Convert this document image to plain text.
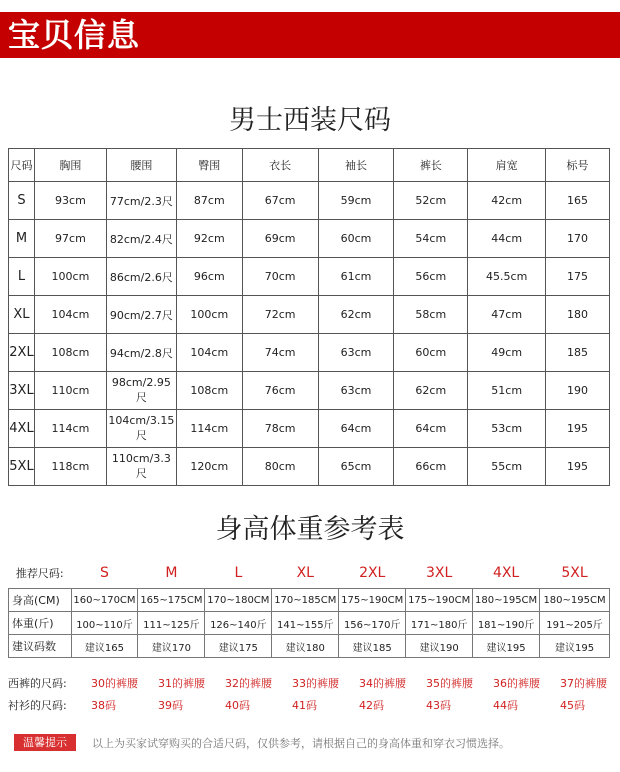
宝贝信息
男士西装尺码
尺码	胸围	腰围	臀围	衣长	袖长	裤长	肩宽	标号
S	93cm	77cm/2.3尺	87cm	67cm	59cm	52cm	42cm	165
M	97cm	82cm/2.4尺	92cm	69cm	60cm	54cm	44cm	170
L	100cm	86cm/2.6尺	96cm	70cm	61cm	56cm	45.5cm	175
XL	104cm	90cm/2.7尺	100cm	72cm	62cm	58cm	47cm	180
2XL	108cm	94cm/2.8尺	104cm	74cm	63cm	60cm	49cm	185
3XL	110cm	98cm/2.95尺	108cm	76cm	63cm	62cm	51cm	190
4XL	114cm	104cm/3.15尺	114cm	78cm	64cm	64cm	53cm	195
5XL	118cm	110cm/3.3尺	120cm	80cm	65cm	66cm	55cm	195
身高体重参考表
推荐尺码:	S	M	L	XL	2XL	3XL	4XL	5XL
身高(CM)	160~170CM	165~175CM	170~180CM	170~185CM	175~190CM	175~190CM	180~195CM	180~195CM
体重(斤)	100~110斤	111~125斤	126~140斤	141~155斤	156~170斤	171~180斤	181~190斤	191~205斤
建议码数	建议165	建议170	建议175	建议180	建议185	建议190	建议195	建议195
西裤的尺码: 30的裤腰 31的裤腰 32的裤腰 33的裤腰 34的裤腰 35的裤腰 36的裤腰 37的裤腰
衬衫的尺码: 38码	39码	40码	41码	42码	43码	44码	45码
温馨提示	以上为买家试穿购买的合适尺码，仅供参考，请根据自己的身高体重和穿衣习惯选择。
